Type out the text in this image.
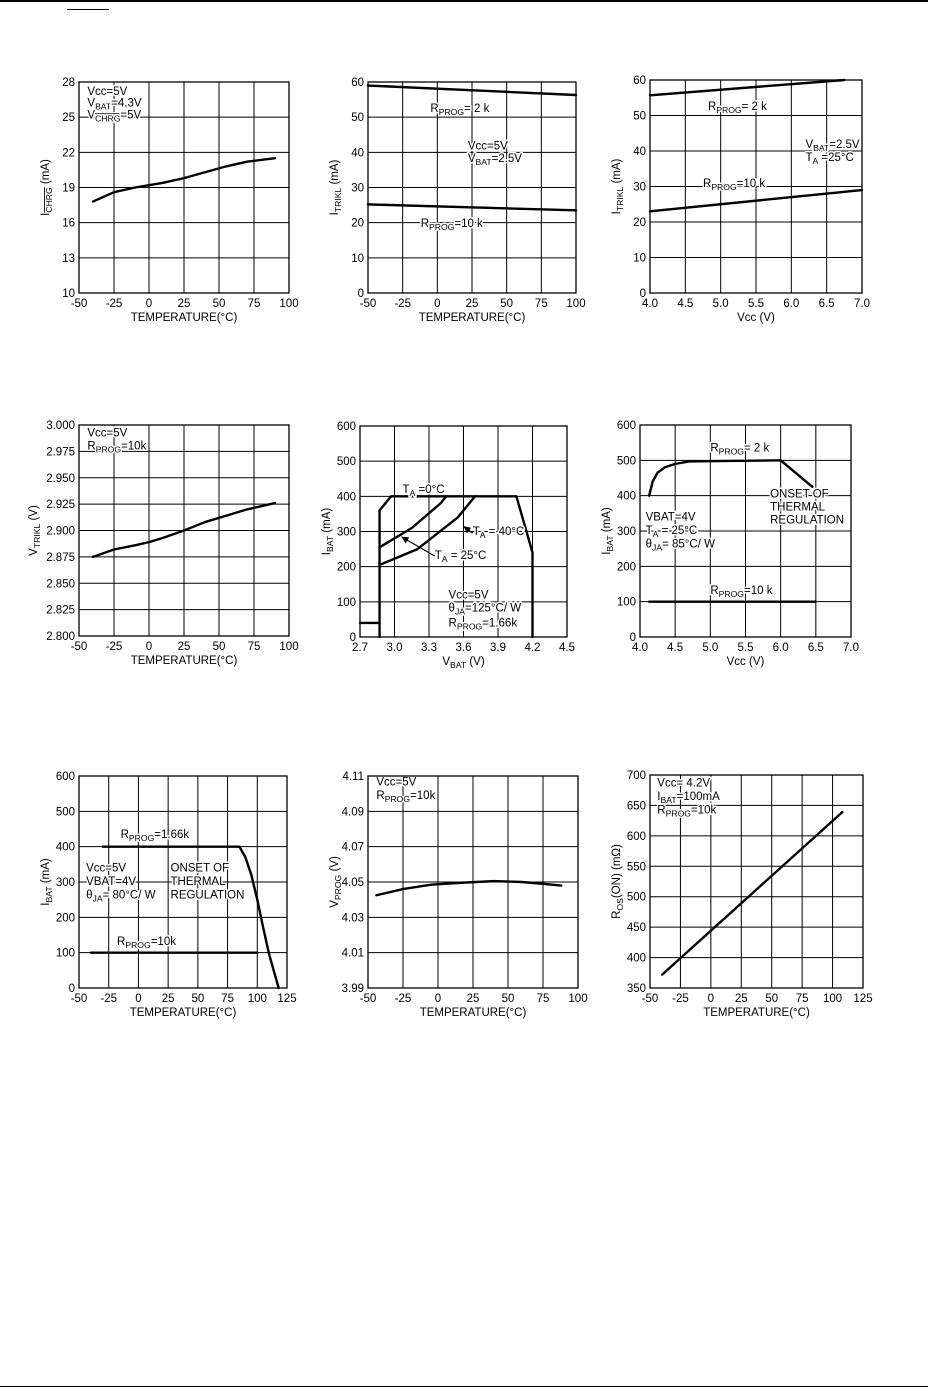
Vcc=5V
$V_{BAT}=4.3V$
$V_{CHRG}=5V$
-50 -25 0 25 50 75 100
10
13
16
19
22
25
28
TEMPERATURE(°C)
$I_{CHRG}$ (mA)
$R_{PROG}= 2$ k
Vcc=5V
$V_{BAT}=2.5V$
$R_{PROG}=10$ k
-50 -25 0 25 50 75 100
0
10
20
30
40
50
60
TEMPERATURE(°C)
$I_{TRIKL}$ (mA)
$R_{PROG}= 2$ k
$V_{BAT}=2.5V$
$T_A =25^\circ C$
$R_{PROG}=10$ k
4.0 4.5 5.0 5.5 6.0 6.5 7.0
0
10
20
30
40
50
60
Vcc (V)
$I_{TRIKL}$ (mA)
Vcc=5V
$R_{PROG}=10k$
-50 -25 0 25 50 75 100
2.800
2.825
2.850
2.875
2.900
2.925
2.950
2.975
3.000
TEMPERATURE(°C)
$V_{TRIKL}$ (V)
$T_A =0^\circ C$
$T_A = 40^\circ C$
$T_A = 25^\circ C$
Vcc=5V
$\theta_{JA}=125^\circ C/$ W
$R_{PROG}=1.66k$
2.7 3.0 3.3 3.6 3.9 4.2 4.5
0
100
200
300
400
500
600
$V_{BAT}$ (V)
$I_{BAT}$ (mA)
$R_{PROG}= 2$ k
ONSET OF
THERMAL
REGULATION
VBAT=4V
$T_A = 25^\circ C$
$\theta_{JA}= 85^\circ C/$ W
$R_{PROG}=10$ k
4.0 4.5 5.0 5.5 6.0 6.5 7.0
0
100
200
300
400
500
600
Vcc (V)
$I_{BAT}$ (mA)
$R_{PROG}=1.66k$
Vcc=5V
VBAT=4V
$\theta_{JA}= 80^\circ C/$ W
ONSET OF
THERMAL
REGULATION
$R_{PROG}=10k$
-50 -25 0 25 50 75 100 125
0
100
200
300
400
500
600
TEMPERATURE(°C)
$I_{BAT}$ (mA)
Vcc=5V
$R_{PROG}=10k$
-50 -25 0 25 50 75 100
3.99
4.01
4.03
4.05
4.07
4.09
4.11
TEMPERATURE(°C)
$V_{PROG}$ (V)
Vcc= 4.2V
$I_{BAT}=100mA$
$R_{PROG}=10k$
-50 -25 0 25 50 75 100 125
350
400
450
500
550
600
650
700
TEMPERATURE(°C)
$R_{OS}(ON)$ (mΩ)
